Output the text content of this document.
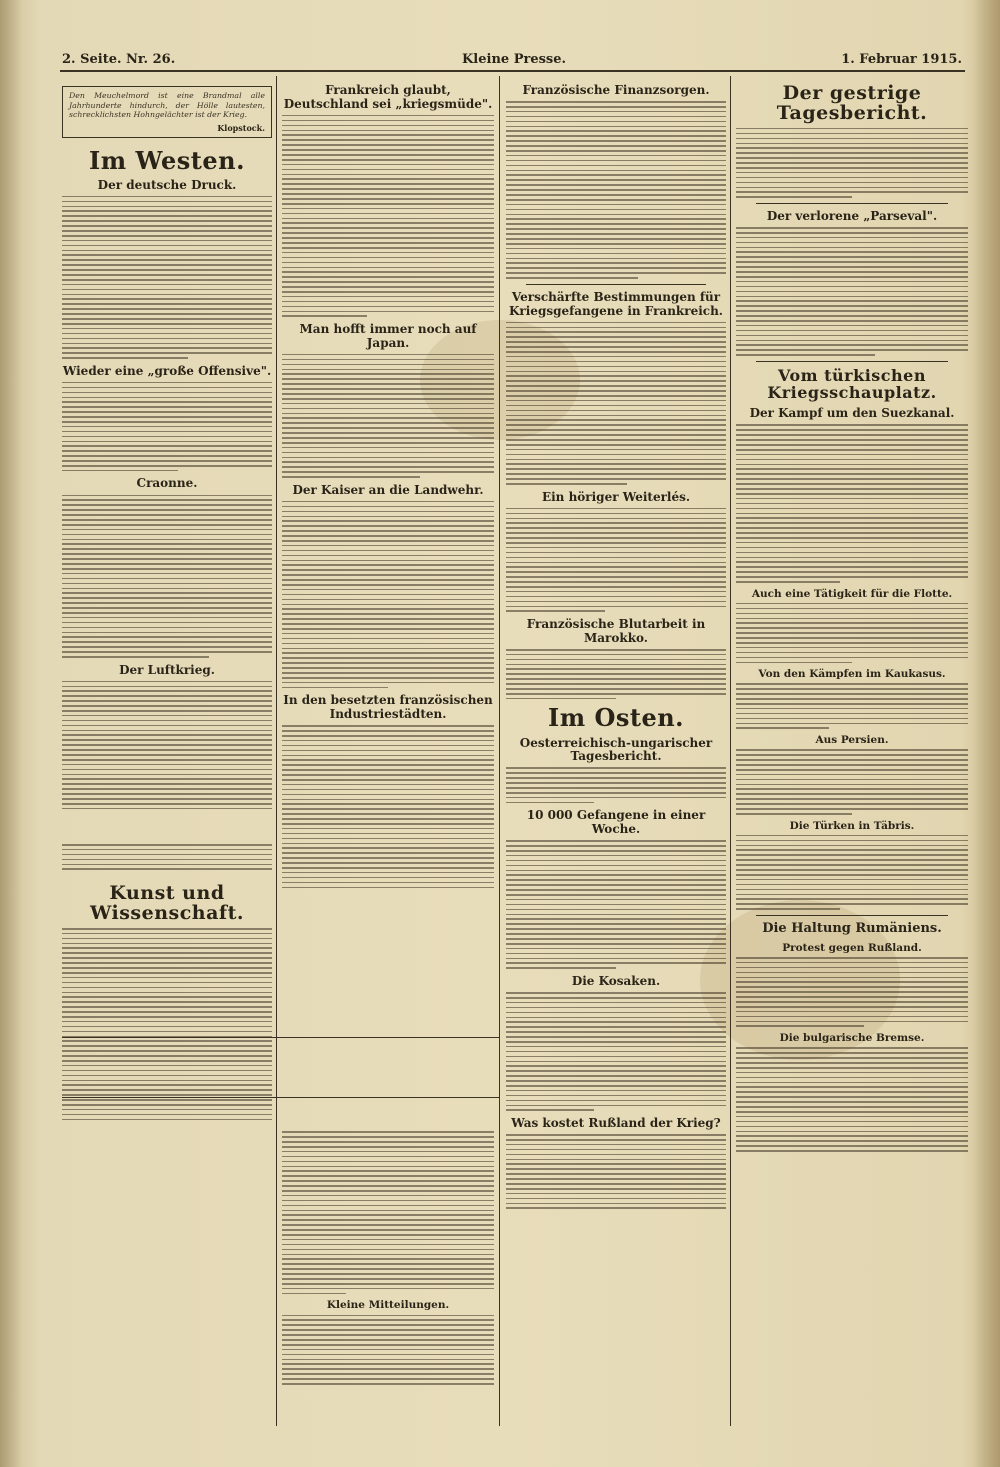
2. Seite. Nr. 26.	Kleine Presse.	1. Februar 1915.

Den Meuchelmord ist eine Brandmal alle Jahrhunderte hindurch, der Hölle lautesten, schrecklichsten Hohngelächter ist der Krieg.

Klopstock.
Im Westen.
Der deutsche Druck.
Wieder eine „große Offensive".
Craonne.
Der Luftkrieg.
Kunst und Wissenschaft.
Frankreich glaubt, Deutschland sei „kriegsmüde".
Man hofft immer noch auf Japan.
Der Kaiser an die Landwehr.
In den besetzten französischen Industriestädten.
Kleine Mitteilungen.
Französische Finanzsorgen.
Verschärfte Bestimmungen für Kriegsgefangene in Frankreich.
Ein höriger Weiterlés.
Französische Blutarbeit in Marokko.
Im Osten.
Oesterreichisch-ungarischer Tagesbericht.
10 000 Gefangene in einer Woche.
Die Kosaken.
Was kostet Rußland der Krieg?
Der gestrige Tagesbericht.
Der verlorene „Parseval".
Vom türkischen Kriegsschauplatz.
Der Kampf um den Suezkanal.
Auch eine Tätigkeit für die Flotte.
Von den Kämpfen im Kaukasus.
Aus Persien.
Die Türken in Täbris.
Die Haltung Rumäniens.
Protest gegen Rußland.
Die bulgarische Bremse.
